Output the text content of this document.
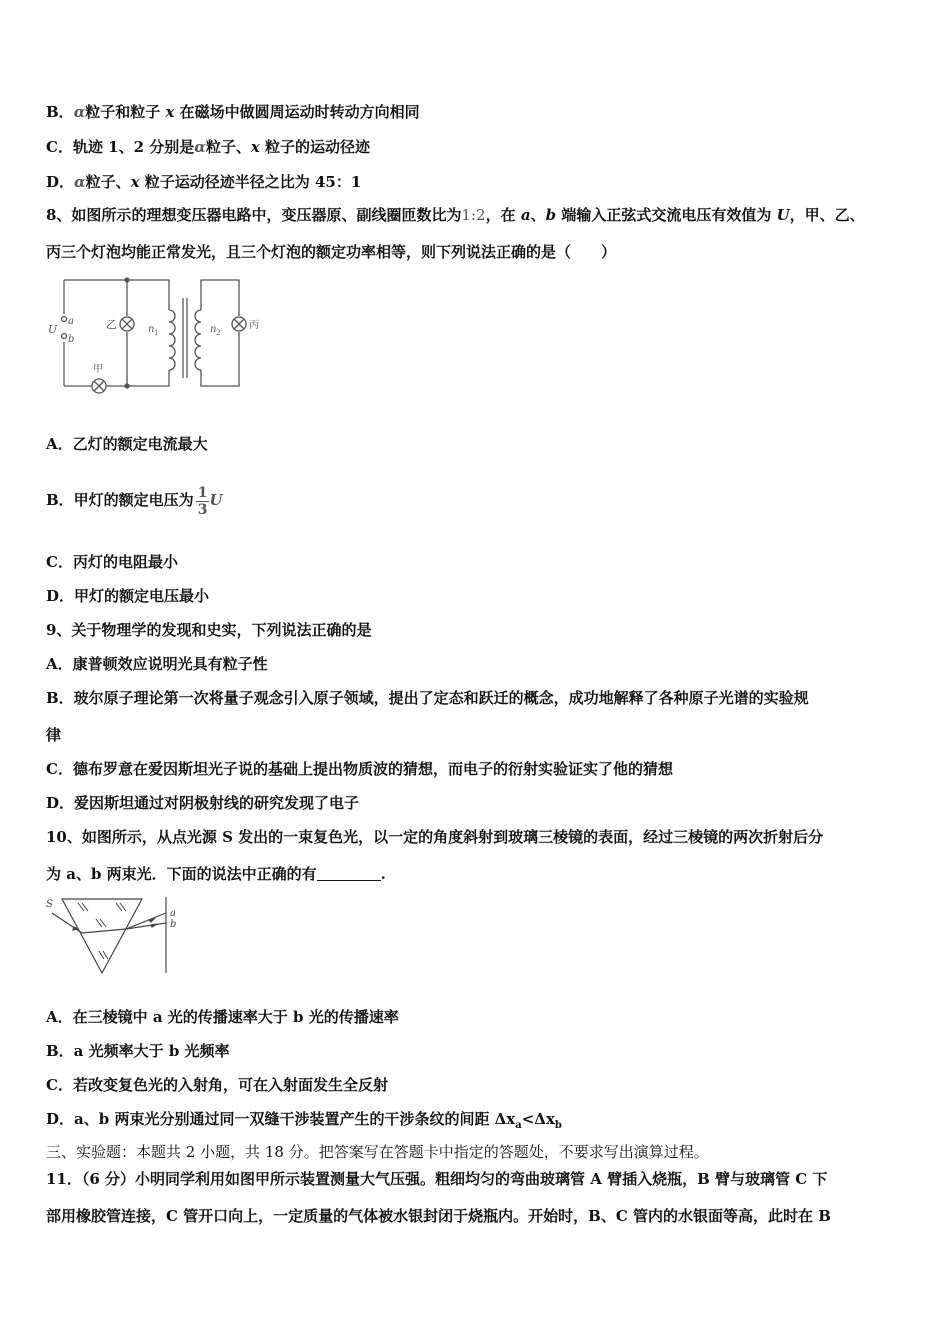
B．α粒子和粒子 x 在磁场中做圆周运动时转动方向相同
C．轨迹 1、2 分别是α粒子、x 粒子的运动径迹
D．α粒子、x 粒子运动径迹半径之比为 45：1
8、如图所示的理想变压器电路中，变压器原、副线圈匝数比为1:2，在 a、b 端输入正弦式交流电压有效值为 U，甲、乙、
丙三个灯泡均能正常发光，且三个灯泡的额定功率相等，则下列说法正确的是（　　）
U
a
b
乙
甲
丙
n 1	n 2
A．乙灯的额定电流最大
B．甲灯的额定电压为 $\frac{1}{3}$ U
C．丙灯的电阻最小
D．甲灯的额定电压最小
9、关于物理学的发现和史实，下列说法正确的是
A．康普顿效应说明光具有粒子性
B．玻尔原子理论第一次将量子观念引入原子领域，提出了定态和跃迁的概念，成功地解释了各种原子光谱的实验规
律
C．德布罗意在爱因斯坦光子说的基础上提出物质波的猜想，而电子的衍射实验证实了他的猜想
D．爱因斯坦通过对阴极射线的研究发现了电子
10、如图所示，从点光源 S 发出的一束复色光，以一定的角度斜射到玻璃三棱镜的表面，经过三棱镜的两次折射后分
为 a、b 两束光．下面的说法中正确的有	.
S
a
b
A．在三棱镜中 a 光的传播速率大于 b 光的传播速率
B．a 光频率大于 b 光频率
C．若改变复色光的入射角，可在入射面发生全反射
D．a、b 两束光分别通过同一双缝干涉装置产生的干涉条纹的间距 $\Delta x_a<\Delta x_b$
三、实验题：本题共 2 小题，共 18 分。把答案写在答题卡中指定的答题处，不要求写出演算过程。
11．（6 分）小明同学利用如图甲所示装置测量大气压强。粗细均匀的弯曲玻璃管 A 臂插入烧瓶，B 臂与玻璃管 C 下
部用橡胶管连接，C 管开口向上，一定质量的气体被水银封闭于烧瓶内。开始时，B、C 管内的水银面等高，此时在 B
